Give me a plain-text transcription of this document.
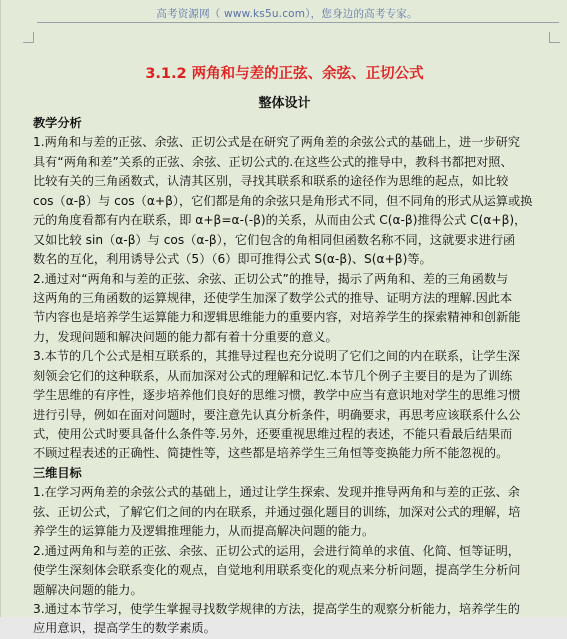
高考资源网（ www.ks5u.com），您身边的高考专家。
3.1.2 两角和与差的正弦、余弦、正切公式
整体设计
教学分析
1.两角和与差的正弦、余弦、正切公式是在研究了两角差的余弦公式的基础上，进一步研究
具有“两角和差”关系的正弦、余弦、正切公式的.在这些公式的推导中，教科书都把对照、
比较有关的三角函数式，认清其区别，寻找其联系和联系的途径作为思维的起点，如比较
cos（α-β）与 cos（α+β），它们都是角的余弦只是角形式不同，但不同角的形式从运算或换
元的角度看都有内在联系，即 α+β=α-(-β)的关系，从而由公式 C(α-β)推得公式 C(α+β)，
又如比较 sin（α-β）与 cos（α-β），它们包含的角相同但函数名称不同，这就要求进行函
数名的互化，利用诱导公式（5）（6）即可推得公式 S(α-β)、S(α+β)等。
2.通过对“两角和与差的正弦、余弦、正切公式”的推导，揭示了两角和、差的三角函数与
这两角的三角函数的运算规律，还使学生加深了数学公式的推导、证明方法的理解.因此本
节内容也是培养学生运算能力和逻辑思维能力的重要内容，对培养学生的探索精神和创新能
力，发现问题和解决问题的能力都有着十分重要的意义。
3.本节的几个公式是相互联系的，其推导过程也充分说明了它们之间的内在联系，让学生深
刻领会它们的这种联系，从而加深对公式的理解和记忆.本节几个例子主要目的是为了训练
学生思维的有序性，逐步培养他们良好的思维习惯，教学中应当有意识地对学生的思维习惯
进行引导，例如在面对问题时，要注意先认真分析条件，明确要求，再思考应该联系什么公
式，使用公式时要具备什么条件等.另外，还要重视思维过程的表述，不能只看最后结果而
不顾过程表述的正确性、简捷性等，这些都是培养学生三角恒等变换能力所不能忽视的。
三维目标
1.在学习两角差的余弦公式的基础上，通过让学生探索、发现并推导两角和与差的正弦、余
弦、正切公式，了解它们之间的内在联系，并通过强化题目的训练，加深对公式的理解，培
养学生的运算能力及逻辑推理能力，从而提高解决问题的能力。
2.通过两角和与差的正弦、余弦、正切公式的运用，会进行简单的求值、化简、恒等证明，
使学生深刻体会联系变化的观点，自觉地利用联系变化的观点来分析问题，提高学生分析问
题解决问题的能力。
3.通过本节学习，使学生掌握寻找数学规律的方法，提高学生的观察分析能力，培养学生的
应用意识，提高学生的数学素质。
